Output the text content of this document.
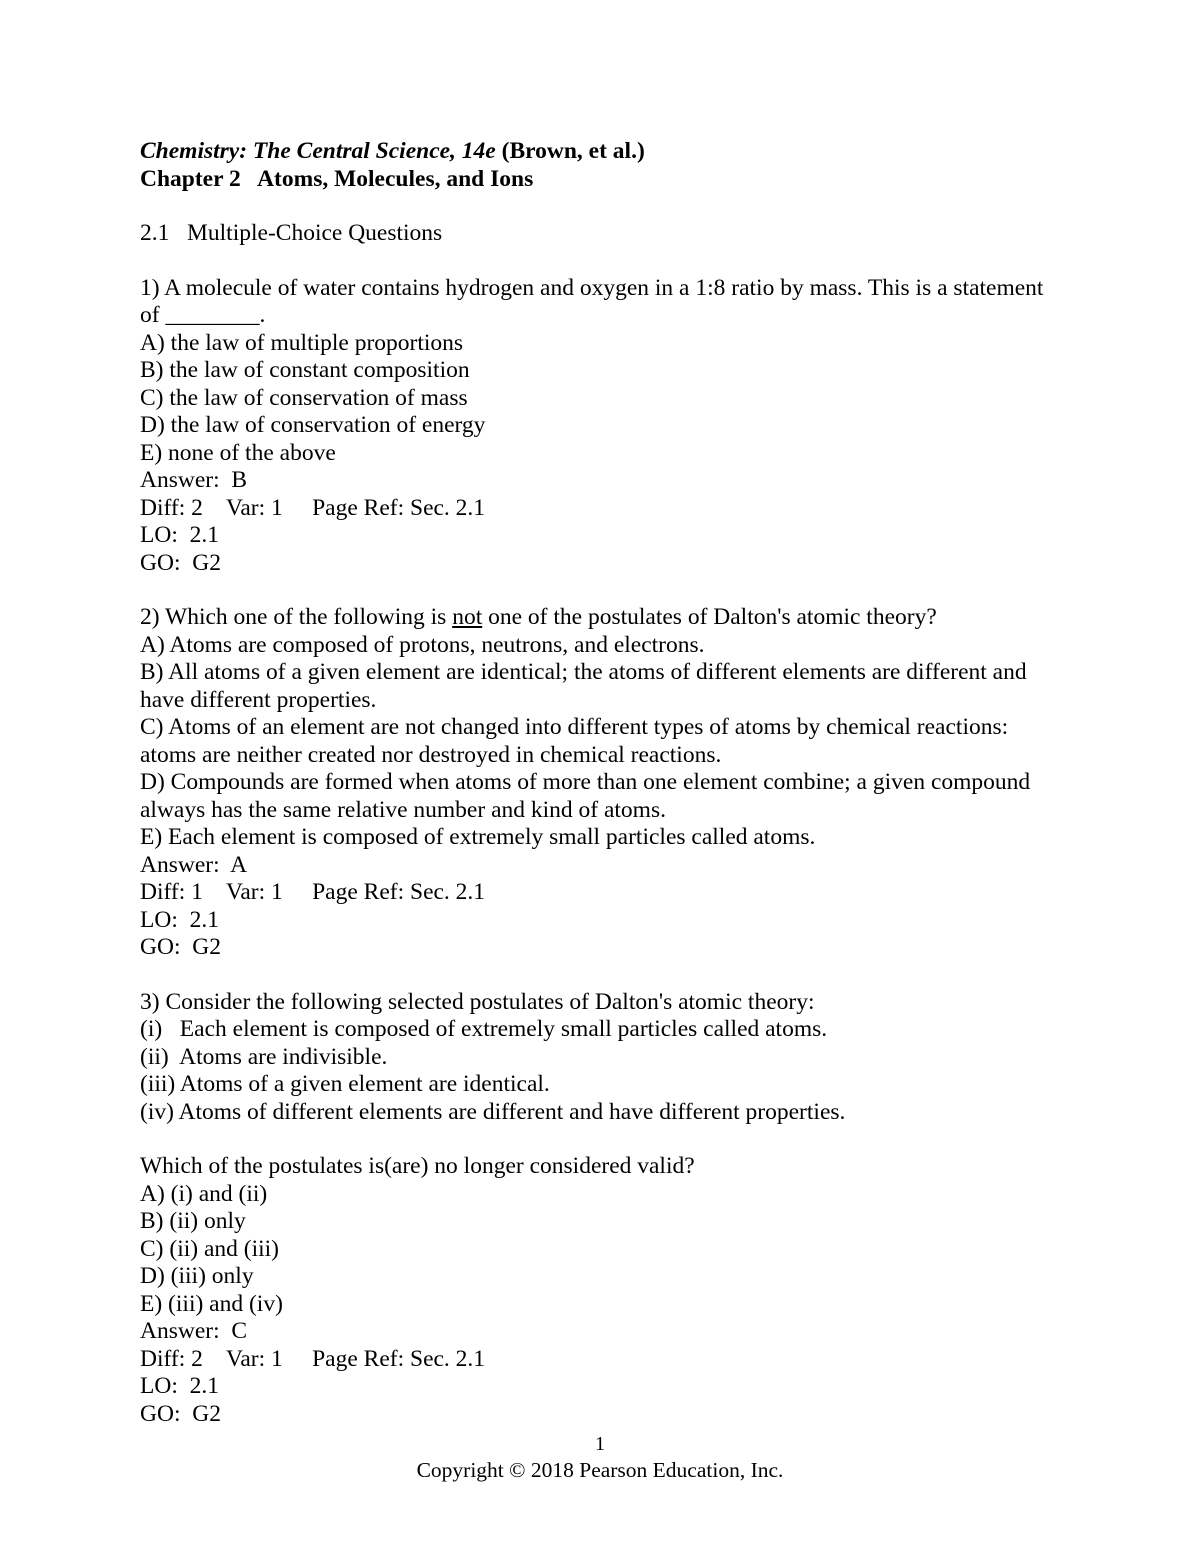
Chemistry: The Central Science, 14e (Brown, et al.)
Chapter 2   Atoms, Molecules, and Ions
2.1   Multiple-Choice Questions
1) A molecule of water contains hydrogen and oxygen in a 1:8 ratio by mass. This is a statement
of ________.
A) the law of multiple proportions
B) the law of constant composition
C) the law of conservation of mass
D) the law of conservation of energy
E) none of the above
Answer:  B
Diff: 2    Var: 1     Page Ref: Sec. 2.1
LO:  2.1
GO:  G2
2) Which one of the following is not one of the postulates of Dalton's atomic theory?
A) Atoms are composed of protons, neutrons, and electrons.
B) All atoms of a given element are identical; the atoms of different elements are different and have different properties.
C) Atoms of an element are not changed into different types of atoms by chemical reactions: atoms are neither created nor destroyed in chemical reactions.
D) Compounds are formed when atoms of more than one element combine; a given compound always has the same relative number and kind of atoms.
E) Each element is composed of extremely small particles called atoms.
Answer:  A
Diff: 1    Var: 1     Page Ref: Sec. 2.1
LO:  2.1
GO:  G2
3) Consider the following selected postulates of Dalton's atomic theory:
(i)   Each element is composed of extremely small particles called atoms.
(ii)  Atoms are indivisible.
(iii) Atoms of a given element are identical.
(iv) Atoms of different elements are different and have different properties.
Which of the postulates is(are) no longer considered valid?
A) (i) and (ii)
B) (ii) only
C) (ii) and (iii)
D) (iii) only
E) (iii) and (iv)
Answer:  C
Diff: 2    Var: 1     Page Ref: Sec. 2.1
LO:  2.1
GO:  G2
1
Copyright © 2018 Pearson Education, Inc.
